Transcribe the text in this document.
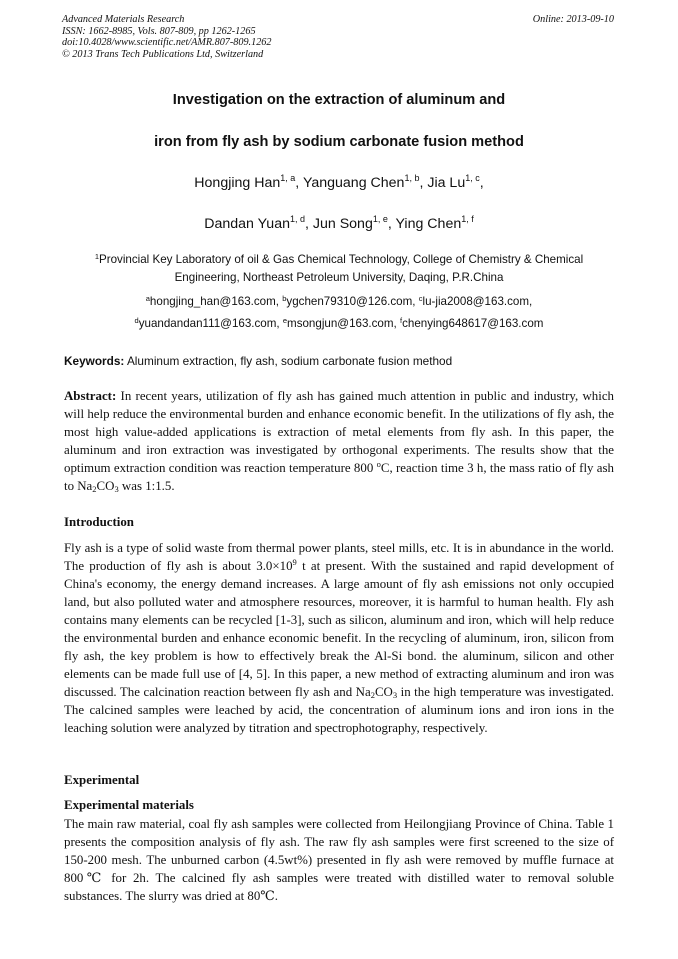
Advanced Materials Research
ISSN: 1662-8985, Vols. 807-809, pp 1262-1265
doi:10.4028/www.scientific.net/AMR.807-809.1262
© 2013 Trans Tech Publications Ltd, Switzerland
Online: 2013-09-10
Investigation on the extraction of aluminum and
iron from fly ash by sodium carbonate fusion method
Hongjing Han$^{1, a}$, Yanguang Chen$^{1, b}$, Jia Lu$^{1, c}$,
Dandan Yuan$^{1, d}$, Jun Song$^{1, e}$, Ying Chen$^{1, f}$
$^1$Provincial Key Laboratory of oil & Gas Chemical Technology, College of Chemistry & Chemical
Engineering, Northeast Petroleum University, Daqing, P.R.China
$^a$hongjing_han@163.com, $^b$ygchen79310@126.com, $^c$lu-jia2008@163.com,
$^d$yuandandan111@163.com, $^e$msongjun@163.com, $^f$chenying648617@163.com
Keywords: Aluminum extraction, fly ash, sodium carbonate fusion method
Abstract: In recent years, utilization of fly ash has gained much attention in public and industry, which will help reduce the environmental burden and enhance economic benefit. In the utilizations of fly ash, the most high value-added applications is extraction of metal elements from fly ash. In this paper, the aluminum and iron extraction was investigated by orthogonal experiments. The results show that the optimum extraction condition was reaction temperature 800 $^o$C, reaction time 3 h, the mass ratio of fly ash to $Na_2CO_3$ was 1:1.5.
Introduction
Fly ash is a type of solid waste from thermal power plants, steel mills, etc. It is in abundance in the world. The production of fly ash is about $3.0\times 10^9$ t at present. With the sustained and rapid development of China's economy, the energy demand increases. A large amount of fly ash emissions not only occupied land, but also polluted water and atmosphere resources, moreover, it is harmful to human health. Fly ash contains many elements can be recycled [1-3], such as silicon, aluminum and iron, which will help reduce the environmental burden and enhance economic benefit. In the recycling of aluminum, iron, silicon from fly ash, the key problem is how to effectively break the Al-Si bond. the aluminum, silicon and other elements can be made full use of [4, 5]. In this paper, a new method of extracting aluminum and iron was discussed. The calcination reaction between fly ash and $Na_2CO_3$ in the high temperature was investigated. The calcined samples were leached by acid, the concentration of aluminum ions and iron ions in the leaching solution were analyzed by titration and spectrophotography, respectively.
Experimental
Experimental materials
The main raw material, coal fly ash samples were collected from Heilongjiang Province of China. Table 1 presents the composition analysis of fly ash. The raw fly ash samples were first screened to the size of 150-200 mesh. The unburned carbon (4.5wt%) presented in fly ash were removed by muffle furnace at 800℃ for 2h. The calcined fly ash samples were treated with distilled water to removal soluble substances. The slurry was dried at 80℃.
